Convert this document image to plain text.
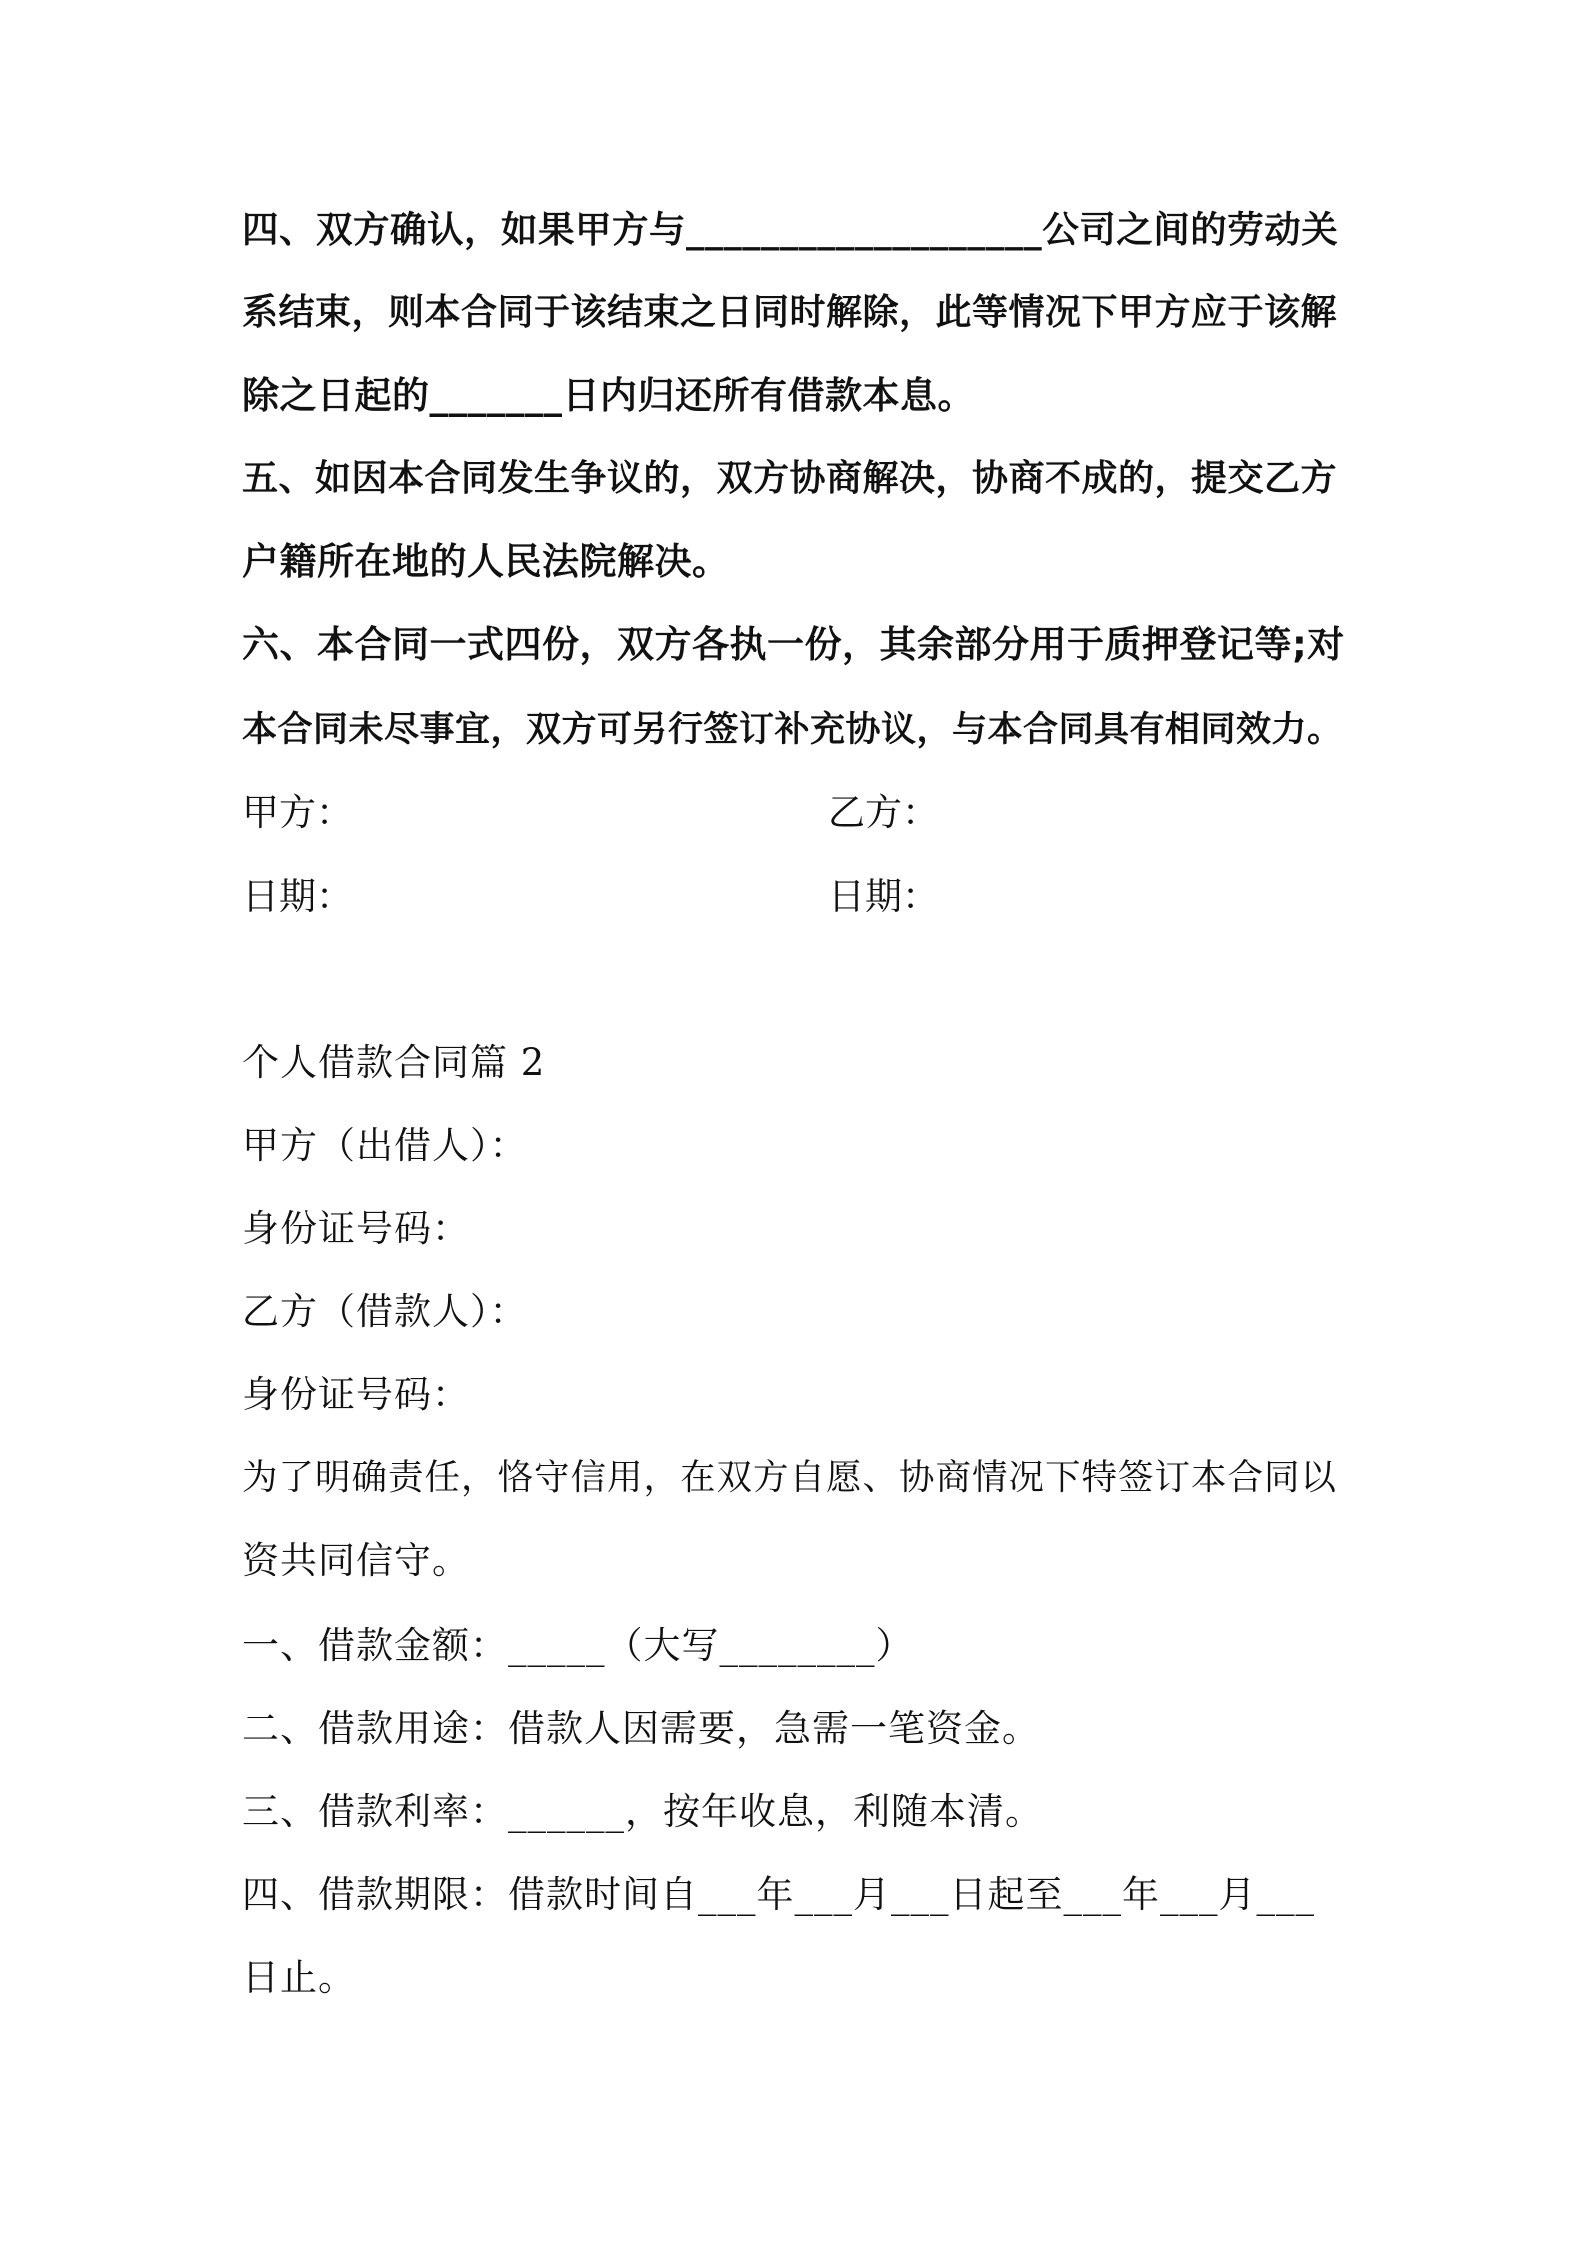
四、双方确认，如果甲方与___________________公司之间的劳动关
系结束，则本合同于该结束之日同时解除，此等情况下甲方应于该解
除之日起的_______日内归还所有借款本息。
五、如因本合同发生争议的，双方协商解决，协商不成的，提交乙方
户籍所在地的人民法院解决。
六、本合同一式四份，双方各执一份，其余部分用于质押登记等;对
本合同未尽事宜，双方可另行签订补充协议，与本合同具有相同效力。
甲方：	乙方：
日期：	日期：
个人借款合同篇 2
甲方（出借人）：
身份证号码：
乙方（借款人）：
身份证号码：
为了明确责任，恪守信用，在双方自愿、协商情况下特签订本合同以
资共同信守。
一、借款金额：_____（大写________）
二、借款用途：借款人因需要，急需一笔资金。
三、借款利率：______，按年收息，利随本清。
四、借款期限：借款时间自___年___月___日起至___年___月___
日止。
